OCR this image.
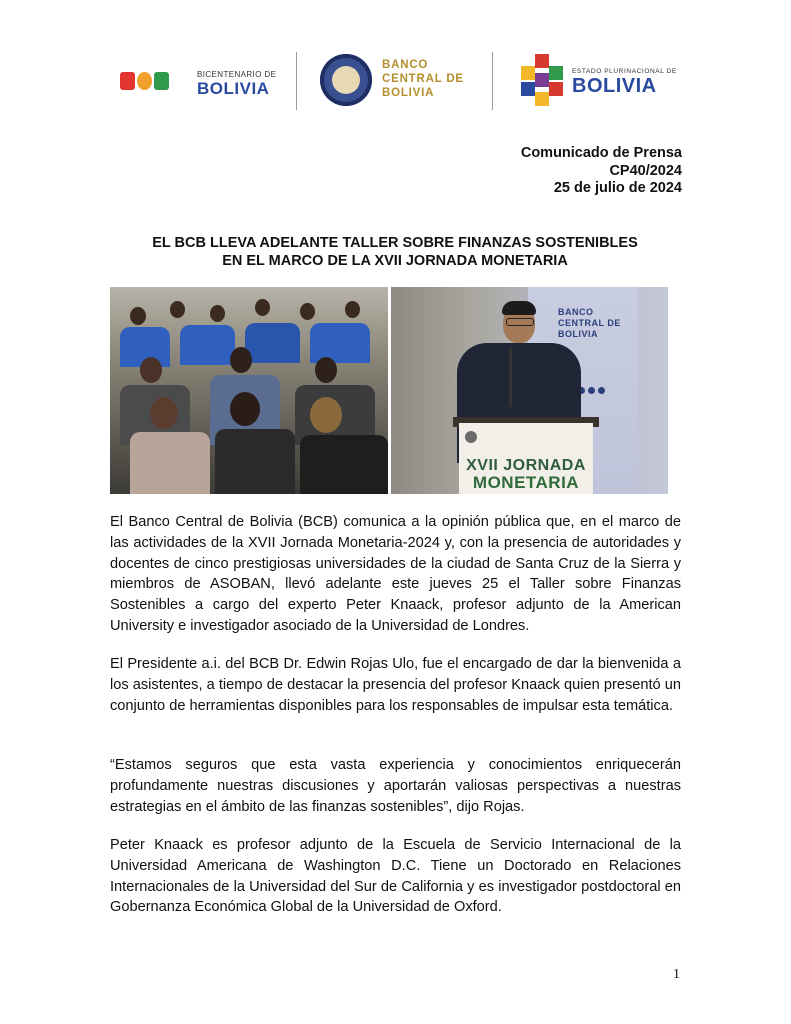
BICENTENARIO DE
BOLIVIA
BANCO
CENTRAL DE
BOLIVIA
ESTADO PLURINACIONAL DE
BOLIVIA
Comunicado de Prensa
CP40/2024
25 de julio de 2024
EL BCB LLEVA ADELANTE TALLER SOBRE FINANZAS SOSTENIBLES
EN EL MARCO DE LA XVII JORNADA MONETARIA
BANCO
CENTRAL DE
BOLIVIA
XVII JORNADA
MONETARIA
El Banco Central de Bolivia (BCB) comunica a la opinión pública que, en el marco de las actividades de la XVII Jornada Monetaria-2024 y, con la presencia de autoridades y docentes de cinco prestigiosas universidades de la ciudad de Santa Cruz de la Sierra y miembros de ASOBAN, llevó adelante este jueves 25 el Taller sobre Finanzas Sostenibles a cargo del experto Peter Knaack, profesor adjunto de la American University e investigador asociado de la Universidad de Londres.
El Presidente a.i. del BCB Dr. Edwin Rojas Ulo, fue el encargado de dar la bienvenida a los asistentes, a tiempo de destacar la presencia del profesor Knaack quien presentó un conjunto de herramientas disponibles para los responsables de impulsar esta temática.
“Estamos seguros que esta vasta experiencia y conocimientos enriquecerán profundamente nuestras discusiones y aportarán valiosas perspectivas a nuestras estrategias en el ámbito de las finanzas sostenibles”, dijo Rojas.
Peter Knaack es profesor adjunto de la Escuela de Servicio Internacional de la Universidad Americana de Washington D.C. Tiene un Doctorado en Relaciones Internacionales de la Universidad del Sur de California y es investigador postdoctoral en Gobernanza Económica Global de la Universidad de Oxford.
1
